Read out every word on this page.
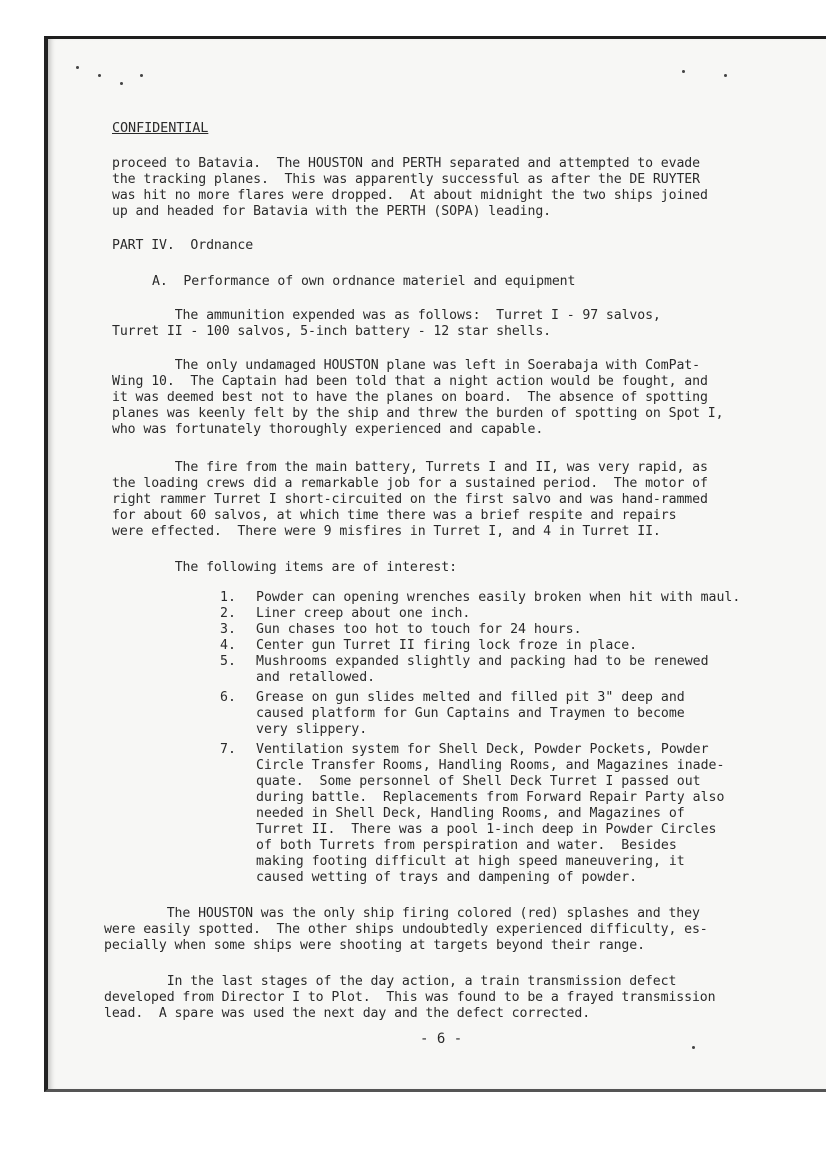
CONFIDENTIAL
proceed to Batavia.  The HOUSTON and PERTH separated and attempted to evade
the tracking planes.  This was apparently successful as after the DE RUYTER
was hit no more flares were dropped.  At about midnight the two ships joined
up and headed for Batavia with the PERTH (SOPA) leading.
PART IV.  Ordnance
A.  Performance of own ordnance materiel and equipment
The ammunition expended was as follows:  Turret I - 97 salvos,
Turret II - 100 salvos, 5-inch battery - 12 star shells.
The only undamaged HOUSTON plane was left in Soerabaja with ComPat-
Wing 10.  The Captain had been told that a night action would be fought, and
it was deemed best not to have the planes on board.  The absence of spotting
planes was keenly felt by the ship and threw the burden of spotting on Spot I,
who was fortunately thoroughly experienced and capable.
The fire from the main battery, Turrets I and II, was very rapid, as
the loading crews did a remarkable job for a sustained period.  The motor of
right rammer Turret I short-circuited on the first salvo and was hand-rammed
for about 60 salvos, at which time there was a brief respite and repairs
were effected.  There were 9 misfires in Turret I, and 4 in Turret II.
The following items are of interest:
1. Powder can opening wrenches easily broken when hit with maul.
2. Liner creep about one inch.
3. Gun chases too hot to touch for 24 hours.
4. Center gun Turret II firing lock froze in place.
5. Mushrooms expanded slightly and packing had to be renewed
and retallowed.
6. Grease on gun slides melted and filled pit 3" deep and
caused platform for Gun Captains and Traymen to become
very slippery.
7. Ventilation system for Shell Deck, Powder Pockets, Powder
Circle Transfer Rooms, Handling Rooms, and Magazines inade-
quate.  Some personnel of Shell Deck Turret I passed out
during battle.  Replacements from Forward Repair Party also
needed in Shell Deck, Handling Rooms, and Magazines of
Turret II.  There was a pool 1-inch deep in Powder Circles
of both Turrets from perspiration and water.  Besides
making footing difficult at high speed maneuvering, it
caused wetting of trays and dampening of powder.
The HOUSTON was the only ship firing colored (red) splashes and they
were easily spotted.  The other ships undoubtedly experienced difficulty, es-
pecially when some ships were shooting at targets beyond their range.
In the last stages of the day action, a train transmission defect
developed from Director I to Plot.  This was found to be a frayed transmission
lead.  A spare was used the next day and the defect corrected.
- 6 -
